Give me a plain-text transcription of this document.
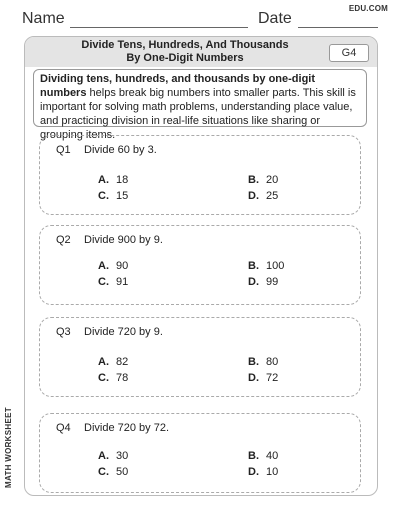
Name	Date
EDU.COM
Divide Tens, Hundreds, And Thousands
By One-Digit Numbers	G4
Dividing tens, hundreds, and thousands by one-digit numbers helps break big numbers into smaller parts. This skill is important for solving math problems, understanding place value, and practicing division in real-life situations like sharing or grouping items.
Q1 Divide 60 by 3.
A. 18	B. 20
C. 15	D. 25
Q2 Divide 900 by 9.
A. 90	B. 100
C. 91	D. 99
Q3 Divide 720 by 9.
A. 82	B. 80
C. 78	D. 72
Q4 Divide 720 by 72.
A. 30	B. 40
C. 50	D. 10
MATH WORKSHEET
